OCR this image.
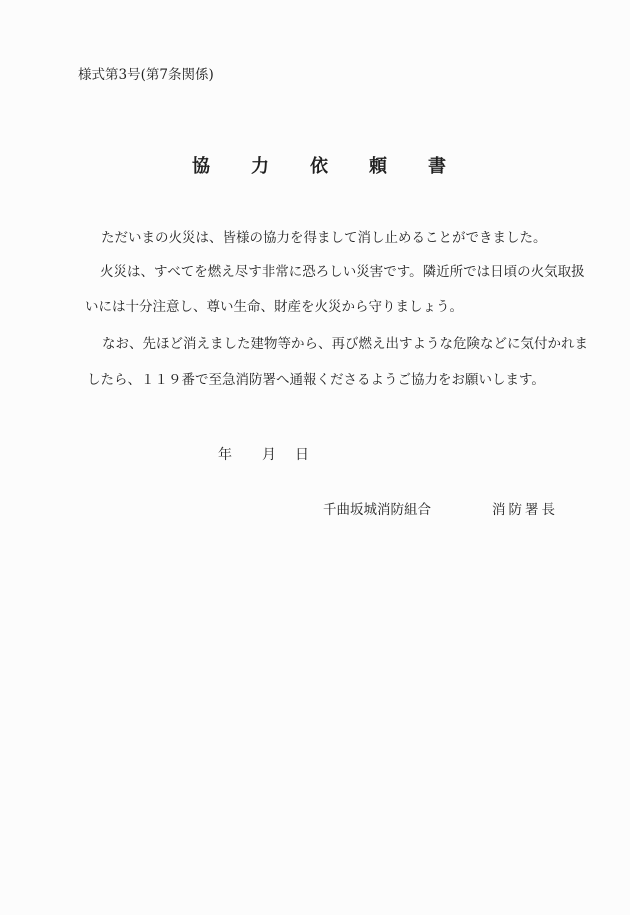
様式第3号(第7条関係)
協力依頼書
ただいまの火災は、皆様の協力を得まして消し止めることができました。
火災は、すべてを燃え尽す非常に恐ろしい災害です。隣近所では日頃の火気取扱
いには十分注意し、尊い生命、財産を火災から守りましょう。
なお、先ほど消えました建物等から、再び燃え出すような危険などに気付かれま
したら、１１９番で至急消防署へ通報くださるようご協力をお願いします。
年 月 日
千曲坂城消防組合	消防署長
